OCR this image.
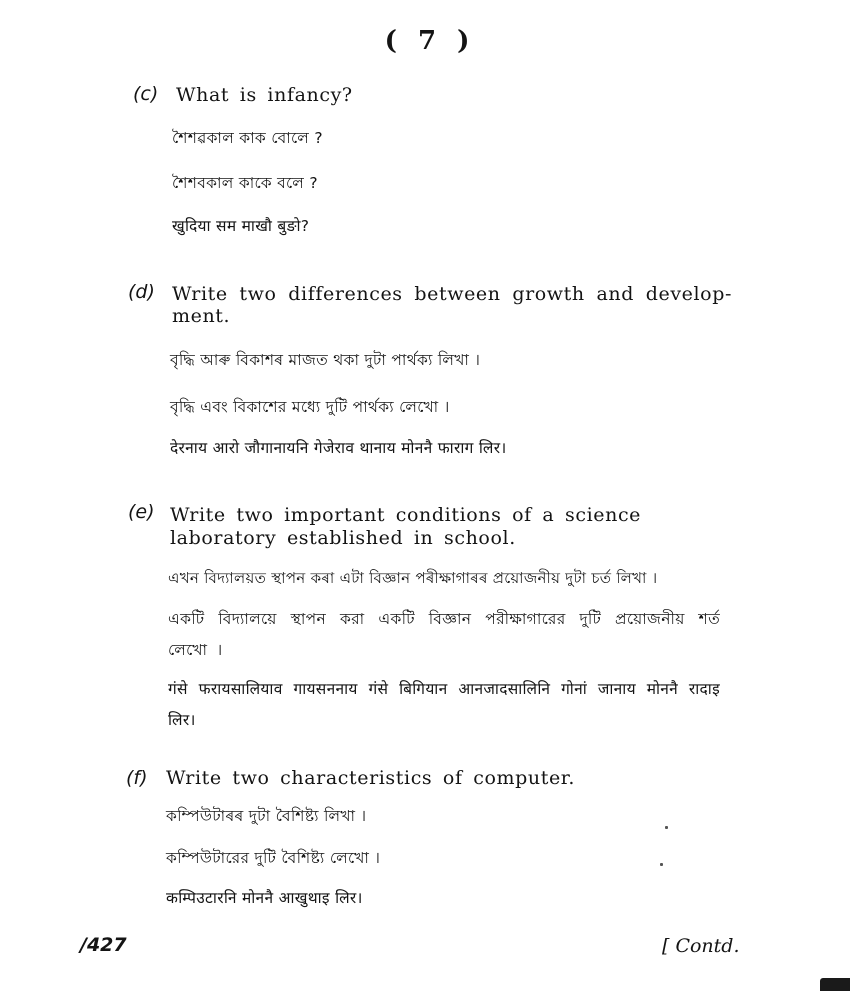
( 7 )
(c) What is infancy?
শৈশৱকাল কাক বোলে ?
শৈশবকাল কাকে বলে ?
खुदिया सम माखौ बुङो?
(d) Write two differences between growth and develop-ment.
বৃদ্ধি আৰু বিকাশৰ মাজত থকা দুটা পাৰ্থক্য লিখা ।
বৃদ্ধি এবং বিকাশের মধ্যে দুটি পার্থক্য লেখো ।
देरनाय आरो जौगानायनि गेजेराव थानाय मोननै फाराग लिर।
(e) Write two important conditions of a science laboratory established in school.
এখন বিদ্যালয়ত স্থাপন কৰা এটা বিজ্ঞান পৰীক্ষাগাৰৰ প্ৰয়োজনীয় দুটা চৰ্ত লিখা ।
একটি বিদ্যালয়ে স্থাপন করা একটি বিজ্ঞান পরীক্ষাগারের দুটি প্রয়োজনীয় শর্ত লেখো ।
गंसे फरायसालियाव गायसननाय गंसे बिगियान आनजादसालिनि गोनां जानाय मोननै रादाइ लिर।
(f) Write two characteristics of computer.
কম্পিউটাৰৰ দুটা বৈশিষ্ট্য লিখা ।
কম্পিউটারের দুটি বৈশিষ্ট্য লেখো ।
कम्पिउटारनि मोननै आखुथाइ लिर।
/427	[ Contd.
